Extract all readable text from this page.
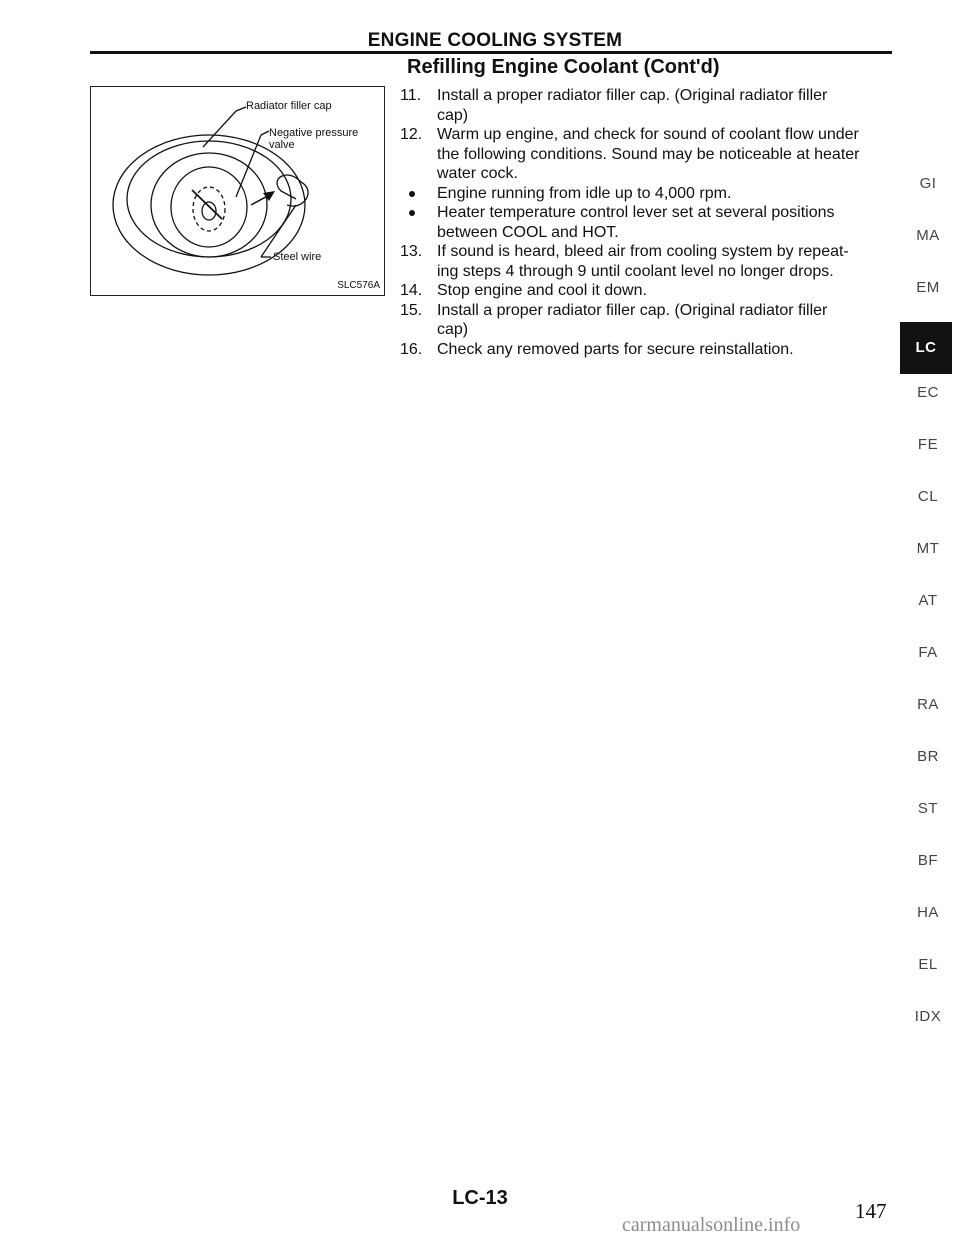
ENGINE COOLING SYSTEM
Refilling Engine Coolant (Cont'd)
Radiator filler cap
Negative pressure
valve
Steel wire
SLC576A
11. Install a proper radiator filler cap. (Original radiator filler
cap)
12. Warm up engine, and check for sound of coolant flow under
the following conditions. Sound may be noticeable at heater
water cock.
Engine running from idle up to 4,000 rpm.
Heater temperature control lever set at several positions
between COOL and HOT.
13. If sound is heard, bleed air from cooling system by repeat-
ing steps 4 through 9 until coolant level no longer drops.
14. Stop engine and cool it down.
15. Install a proper radiator filler cap. (Original radiator filler
cap)
16. Check any removed parts for secure reinstallation.
GI
MA
EM
LC
EC
FE
CL
MT
AT
FA
RA
BR
ST
BF
HA
EL
IDX
LC-13
147
carmanualsonline.info
